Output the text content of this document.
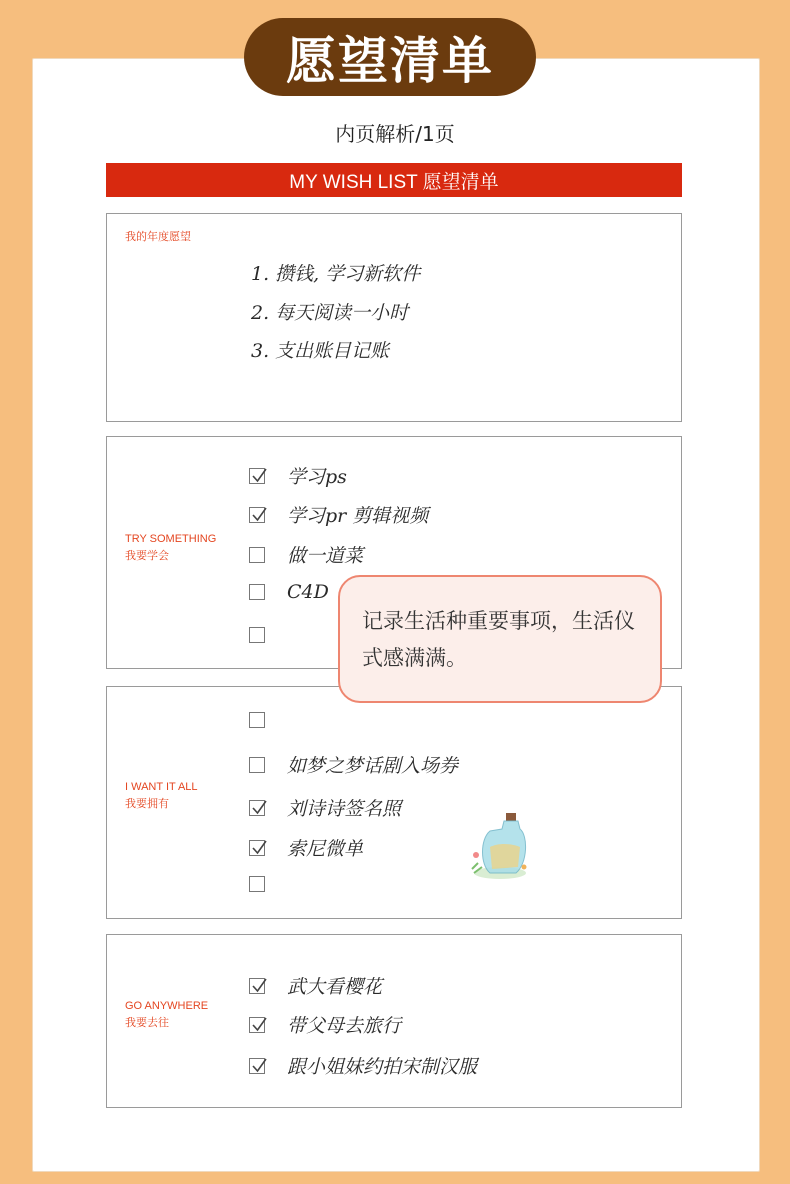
愿望清单
内页解析/1页
MY WISH LIST 愿望清单
我的年度愿望
1. 攒钱, 学习新软件
2. 每天阅读一小时
3. 支出账目记账
TRY SOMETHING
我要学会
学习ps
学习pr 剪辑视频
做一道菜
C4D
I WANT IT ALL
我要拥有
如梦之梦话剧入场券
刘诗诗签名照
索尼微单
GO ANYWHERE
我要去往
武大看樱花
带父母去旅行
跟小姐妹约拍宋制汉服
记录生活种重要事项，生活仪式感满满。
